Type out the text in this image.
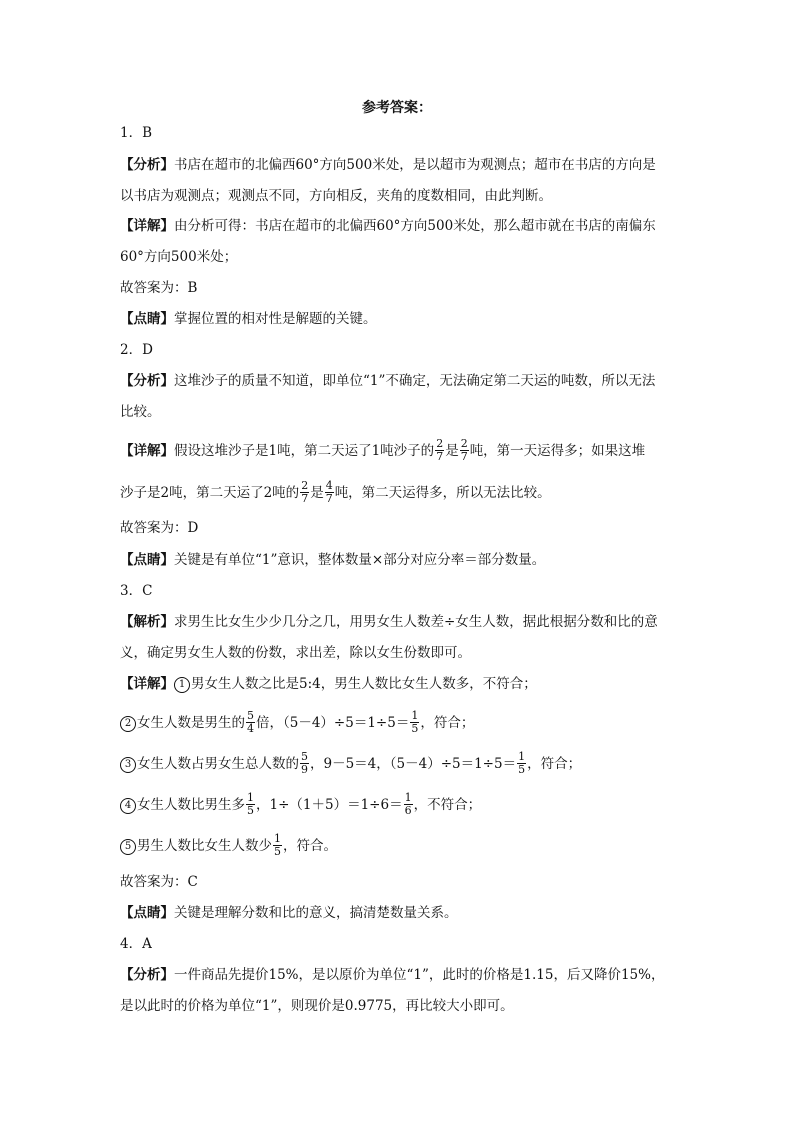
参考答案：
1．B
【分析】书店在超市的北偏西60°方向500米处，是以超市为观测点；超市在书店的方向是
以书店为观测点；观测点不同，方向相反，夹角的度数相同，由此判断。
【详解】由分析可得：书店在超市的北偏西60°方向500米处，那么超市就在书店的南偏东
60°方向500米处；
故答案为：B
【点睛】掌握位置的相对性是解题的关键。
2．D
【分析】这堆沙子的质量不知道，即单位“1”不确定，无法确定第二天运的吨数，所以无法
比较。
【详解】假设这堆沙子是1吨，第二天运了1吨沙子的 $\frac{2}{7}$ 是 $\frac{2}{7}$ 吨，第一天运得多；如果这堆
沙子是2吨，第二天运了2吨的 $\frac{2}{7}$ 是 $\frac{4}{7}$ 吨，第二天运得多，所以无法比较。
故答案为：D
【点睛】关键是有单位“1”意识，整体数量×部分对应分率＝部分数量。
3．C
【解析】求男生比女生少少几分之几，用男女生人数差÷女生人数，据此根据分数和比的意
义，确定男女生人数的份数，求出差，除以女生份数即可。
【详解】 1 男女生人数之比是5:4，男生人数比女生人数多，不符合；
2 女生人数是男生的 $\frac{5}{4}$ 倍，$(5-4)\div 5=1\div 5= \frac{1}{5}$ ，符合；
3 女生人数占男女生总人数的 $\frac{5}{9}$ ，9－5＝4，$(5-4)\div 5=1\div 5= \frac{1}{5}$ ，符合；
4 女生人数比男生多 $\frac{1}{5}$ ，$1\div(1+5)=1\div 6= \frac{1}{6}$ ，不符合；
5 男生人数比女生人数少 $\frac{1}{5}$ ，符合。
故答案为：C
【点睛】关键是理解分数和比的意义，搞清楚数量关系。
4．A
【分析】一件商品先提价15%，是以原价为单位“1”，此时的价格是1.15，后又降价15%，
是以此时的价格为单位“1”，则现价是0.9775，再比较大小即可。
